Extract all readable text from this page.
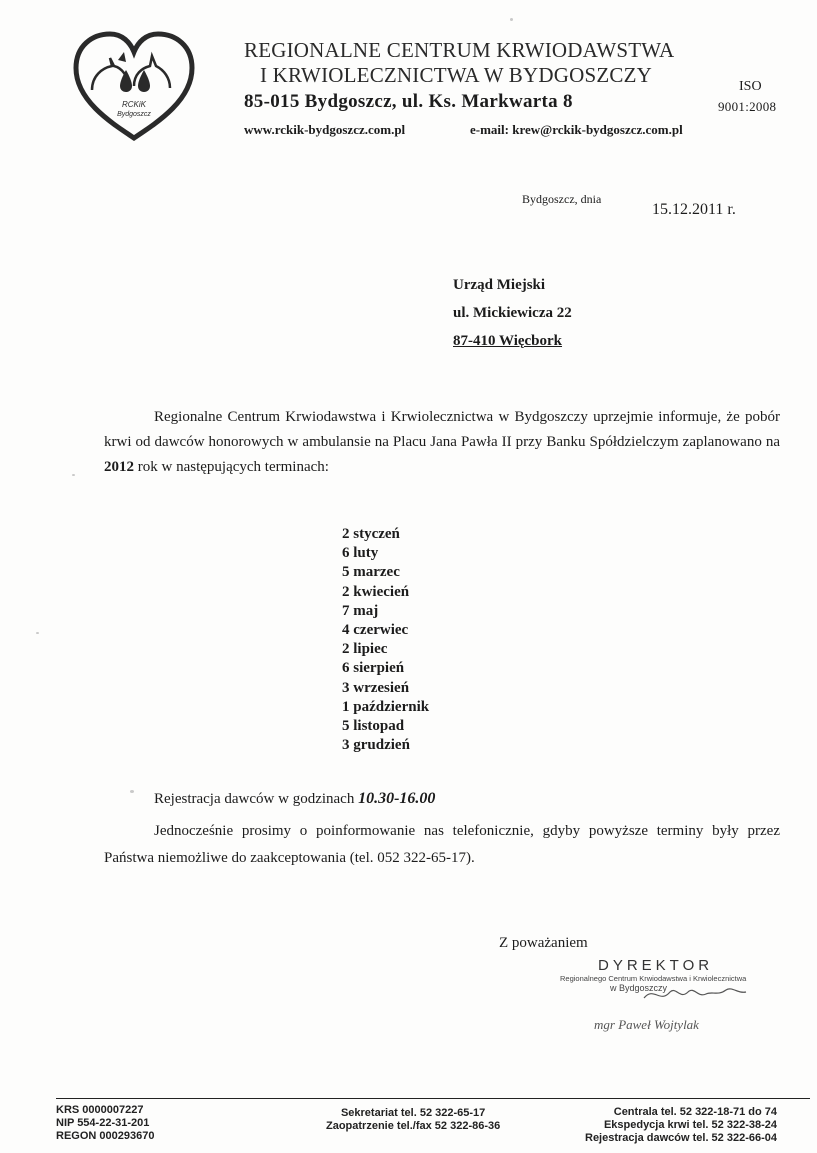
RCKiK
Bydgoszcz
REGIONALNE CENTRUM KRWIODAWSTWA
I KRWIOLECZNICTWA W BYDGOSZCZY
85-015 Bydgoszcz, ul. Ks. Markwarta 8
www.rckik-bydgoszcz.com.pl	e-mail: krew@rckik-bydgoszcz.com.pl
ISO
9001:2008
Bydgoszcz, dnia
15.12.2011 r.
Urząd Miejski
ul. Mickiewicza 22
87-410 Więcbork
Regionalne Centrum Krwiodawstwa i Krwiolecznictwa w Bydgoszczy uprzejmie informuje, że pobór krwi od dawców honorowych w ambulansie na Placu Jana Pawła II przy Banku Spółdzielczym zaplanowano na 2012 rok w następujących terminach:
2 styczeń
6 luty
5 marzec
2 kwiecień
7 maj
4 czerwiec
2 lipiec
6 sierpień
3 wrzesień
1 październik
5 listopad
3 grudzień
Rejestracja dawców w godzinach 10.30-16.00
Jednocześnie prosimy o poinformowanie nas telefonicznie, gdyby powyższe terminy były przez Państwa niemożliwe do zaakceptowania (tel. 052 322-65-17).
Z poważaniem
DYREKTOR
Regionalnego Centrum Krwiodawstwa i Krwiolecznictwa
w Bydgoszczy
mgr Paweł Wojtylak
KRS 0000007227
NIP 554-22-31-201
REGON 000293670
Sekretariat tel. 52 322-65-17
Zaopatrzenie tel./fax 52 322-86-36
Centrala tel. 52 322-18-71 do 74
Ekspedycja krwi tel. 52 322-38-24
Rejestracja dawców tel. 52 322-66-04
